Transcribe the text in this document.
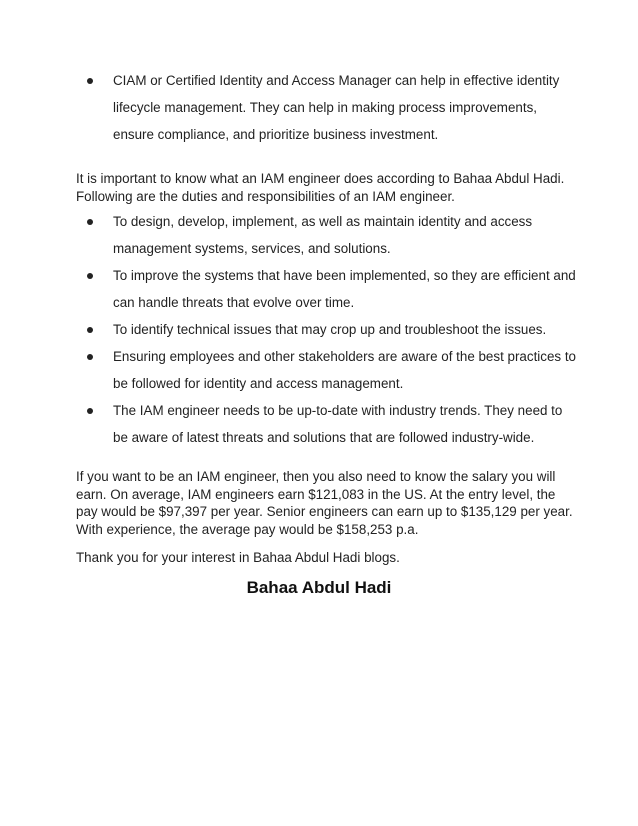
CIAM or Certified Identity and Access Manager can help in effective identity lifecycle management. They can help in making process improvements, ensure compliance, and prioritize business investment.

It is important to know what an IAM engineer does according to Bahaa Abdul Hadi. Following are the duties and responsibilities of an IAM engineer.

To design, develop, implement, as well as maintain identity and access management systems, services, and solutions.
To improve the systems that have been implemented, so they are efficient and can handle threats that evolve over time.
To identify technical issues that may crop up and troubleshoot the issues.
Ensuring employees and other stakeholders are aware of the best practices to be followed for identity and access management.
The IAM engineer needs to be up-to-date with industry trends. They need to be aware of latest threats and solutions that are followed industry-wide.

If you want to be an IAM engineer, then you also need to know the salary you will earn. On average, IAM engineers earn $121,083 in the US. At the entry level, the pay would be $97,397 per year. Senior engineers can earn up to $135,129 per year. With experience, the average pay would be $158,253 p.a.

Thank you for your interest in Bahaa Abdul Hadi blogs.

Bahaa Abdul Hadi
